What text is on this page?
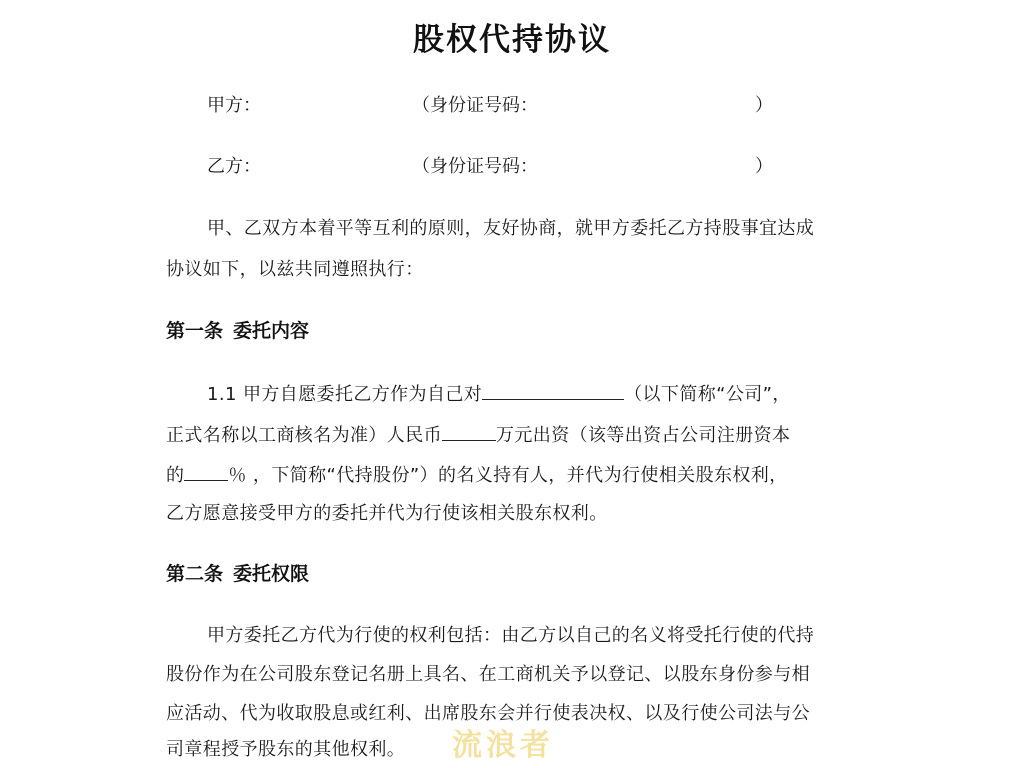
股权代持协议
甲方：	（身份证号码：	）
乙方：	（身份证号码：	）
甲、乙双方本着平等互利的原则，友好协商，就甲方委托乙方持股事宜达成
协议如下，以兹共同遵照执行：
第一条 委托内容
1.1 甲方自愿委托乙方作为自己对	（以下简称“公司”，
正式名称以工商核名为准）人民币	万元出资（该等出资占公司注册资本
的 ％ ，下简称“代持股份”）的名义持有人，并代为行使相关股东权利，
乙方愿意接受甲方的委托并代为行使该相关股东权利。
第二条 委托权限
甲方委托乙方代为行使的权利包括：由乙方以自己的名义将受托行使的代持
股份作为在公司股东登记名册上具名、在工商机关予以登记、以股东身份参与相
应活动、代为收取股息或红利、出席股东会并行使表决权、以及行使公司法与公
司章程授予股东的其他权利。 流浪者
